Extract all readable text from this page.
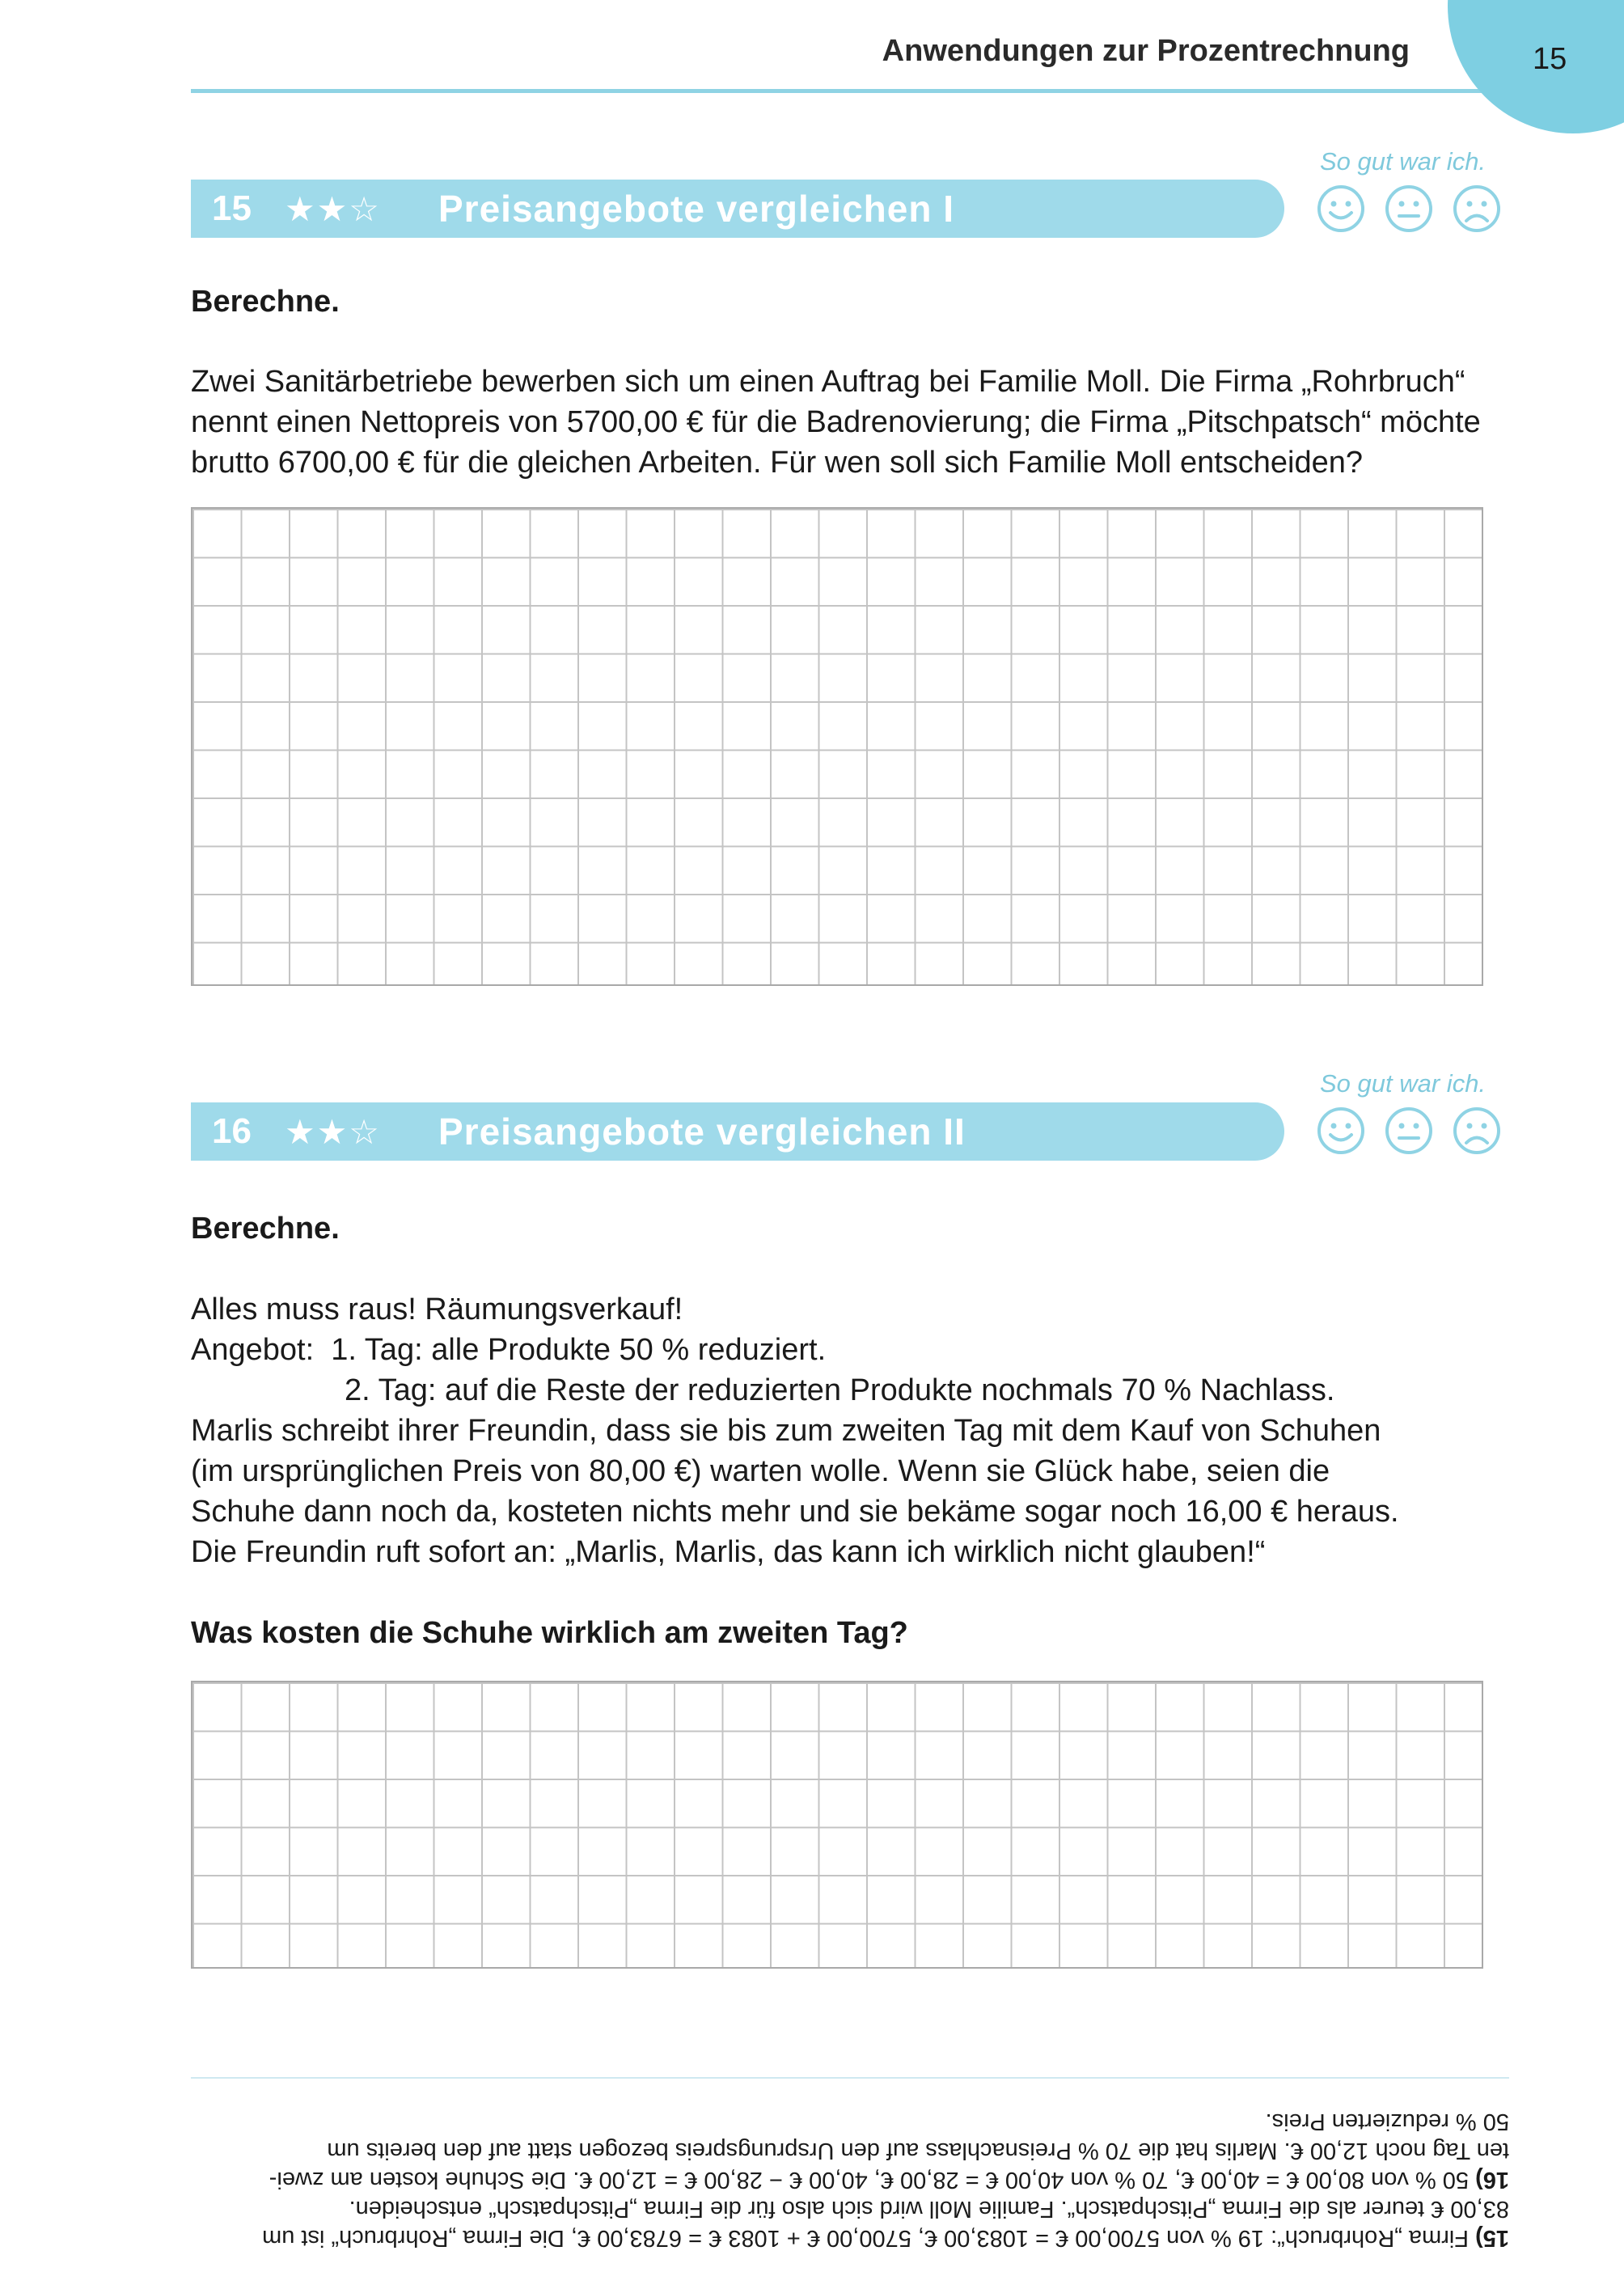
Anwendungen zur Prozentrechnung	15
So gut war ich.
15 ★★☆	Preisangebote vergleichen I
Berechne.

Zwei Sanitärbetriebe bewerben sich um einen Auftrag bei Familie Moll. Die Firma „Rohrbruch“

nennt einen Nettopreis von 5700,00 € für die Badrenovierung; die Firma „Pitschpatsch“ möchte

brutto 6700,00 € für die gleichen Arbeiten. Für wen soll sich Familie Moll entscheiden?

So gut war ich.
16 ★★☆	Preisangebote vergleichen II
Berechne.

Alles muss raus! Räumungsverkauf!

Angebot:  1. Tag: alle Produkte 50 % reduziert.

2. Tag: auf die Reste der reduzierten Produkte nochmals 70 % Nachlass.

Marlis schreibt ihrer Freundin, dass sie bis zum zweiten Tag mit dem Kauf von Schuhen

(im ursprünglichen Preis von 80,00 €) warten wolle. Wenn sie Glück habe, seien die

Schuhe dann noch da, kosteten nichts mehr und sie bekäme sogar noch 16,00 € heraus.

Die Freundin ruft sofort an: „Marlis, Marlis, das kann ich wirklich nicht glauben!“

Was kosten die Schuhe wirklich am zweiten Tag?

15) Firma „Rohrbruch“: 19 % von 5700,00 € = 1083,00 €, 5700,00 € + 1083 € = 6783,00 €, Die Firma „Rohrbruch“ ist um

83,00 € teurer als die Firma „Pitschpatsch“. Familie Moll wird sich also für die Firma „Pitschpatsch“ entscheiden.

16) 50 % von 80,00 € = 40,00 €, 70 % von 40,00 € = 28,00 €, 40,00 € − 28,00 € = 12,00 €. Die Schuhe kosten am zwei-

ten Tag noch 12,00 €. Marlis hat die 70 % Preisnachlass auf den Ursprungspreis bezogen statt auf den bereits um

50 % reduzierten Preis.
